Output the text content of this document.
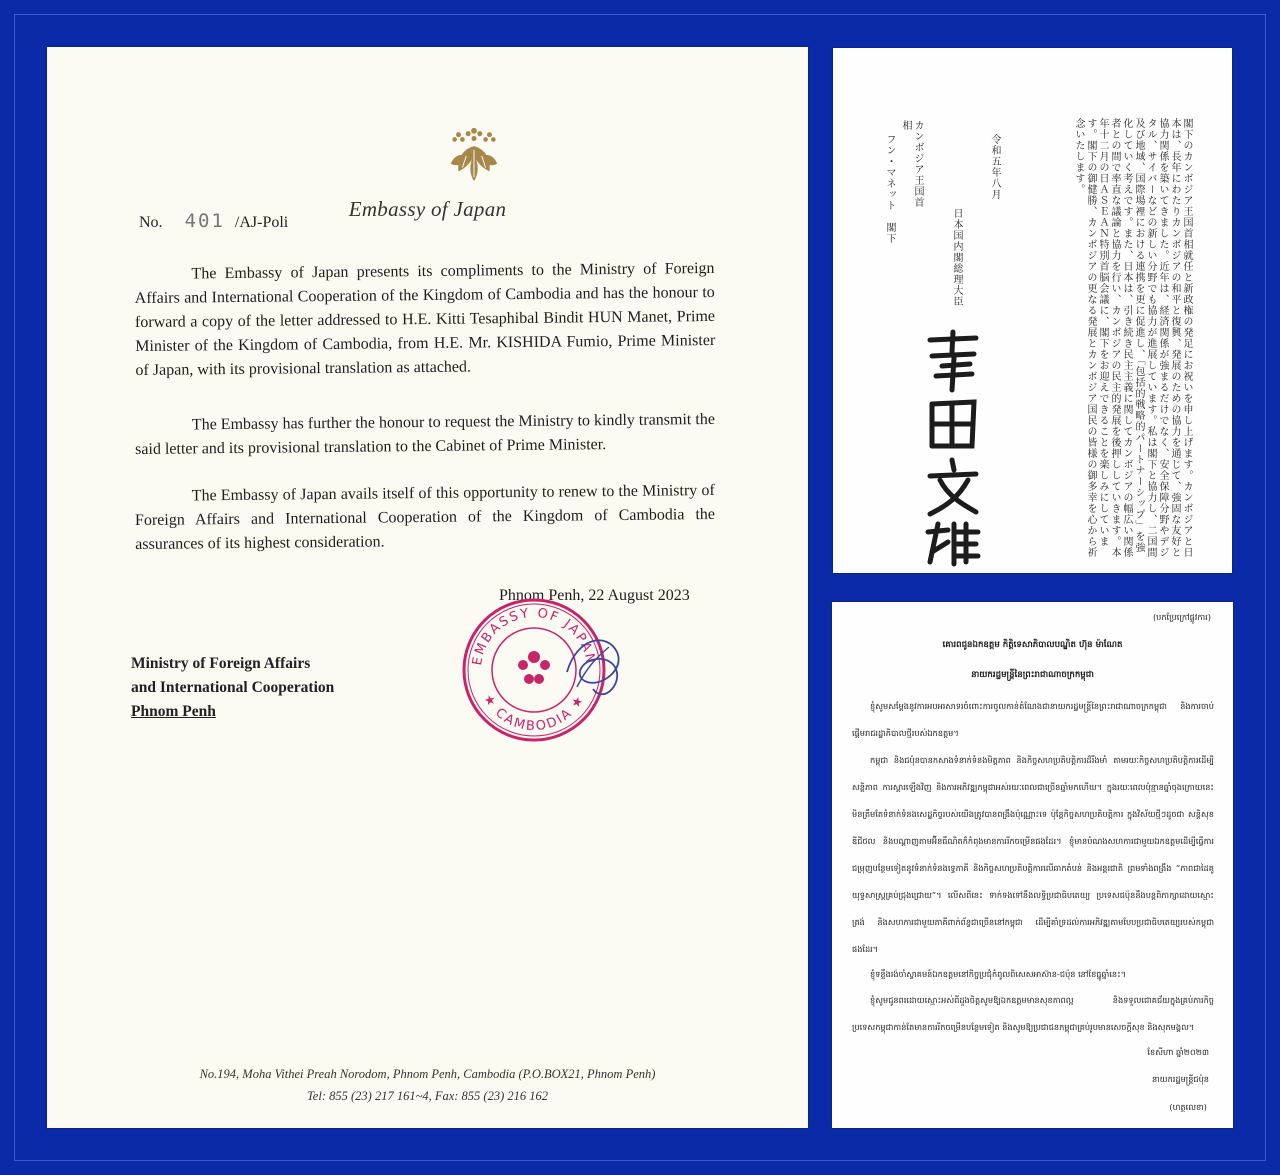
Embassy of Japan
No. 401 /AJ-Poli

The Embassy of Japan presents its compliments to the Ministry of Foreign Affairs and International Cooperation of the Kingdom of Cambodia and has the honour to forward a copy of the letter addressed to H.E. Kitti Tesaphibal Bindit HUN Manet, Prime Minister of the Kingdom of Cambodia, from H.E. Mr. KISHIDA Fumio, Prime Minister of Japan, with its provisional translation as attached.

The Embassy has further the honour to request the Ministry to kindly transmit the said letter and its provisional translation to the Cabinet of Prime Minister.

The Embassy of Japan avails itself of this opportunity to renew to the Ministry of Foreign Affairs and International Cooperation of the Kingdom of Cambodia the assurances of its highest consideration.

Phnom Penh, 22 August 2023
EMBASSY OF JAPAN
★ CAMBODIA ★
Ministry of Foreign Affairs
and International Cooperation
Phnom Penh
No.194, Moha Vithei Preah Norodom, Phnom Penh, Cambodia (P.O.BOX21, Phnom Penh)
Tel: 855 (23) 217 161~4, Fax: 855 (23) 216 162
閣下のカンボジア王国首相就任と新政権の発足にお祝いを申し上げます。カンボジアと日本は、長年にわたりカンボジアの和平と復興、発展のための協力を通じて、強固な友好と協力関係を築いてきました。近年は、経済関係が強まるだけでなく、安全保障分野やデジタル、サイバーなどの新しい分野でも協力が進展しています。私は閣下と協力し、二国間及び地域、国際場裡における連携を更に促進し、「包括的戦略的パートナーシップ」を強化していく考えです。また、日本は、引き続き民主主義に関してカンボジアの幅広い関係者との間で率直な議論と協力を行い、カンボジアの民主的発展を後押ししていきます。本年十二月の日ＡＳＥＡＮ特別首脳会議に、閣下をお迎えできることを楽しみにしています。閣下の御健勝、カンボジアの更なる発展とカンボジア国民の皆様の御多幸を心から祈念いたします。
令和五年八月
日本国内閣総理大臣
カンボジア王国首相
フン・マネット　閣下
(បកប្រែក្រៅផ្លូវការ)
គោរពជូនឯកឧត្តម កិត្តិទេសាភិបាលបណ្ឌិត ហ៊ុន ម៉ាណែត
នាយករដ្ឋមន្ត្រីនៃព្រះរាជាណាចក្រកម្ពុជា
ខ្ញុំសូមសម្តែងនូវការអបអរសាទរចំពោះការចូលកាន់តំណែងជានាយករដ្ឋមន្ត្រីនៃព្រះរាជាណាចក្រកម្ពុជា និងការចាប់ផ្តើមរាជរដ្ឋាភិបាលថ្មីរបស់ឯកឧត្តម។
កម្ពុជា និងជប៉ុនបានកសាងទំនាក់ទំនងមិត្តភាព និងកិច្ចសហប្រតិបត្តិការដ៏រឹងមាំ តាមរយៈកិច្ចសហប្រតិបត្តិការដើម្បីសន្តិភាព ការស្តារឡើងវិញ និងការអភិវឌ្ឍកម្ពុជាអស់រយៈពេលជាច្រើនឆ្នាំមកហើយ។ ក្នុងរយៈពេលប៉ុន្មានឆ្នាំចុងក្រោយនេះ មិនត្រឹមតែទំនាក់ទំនងសេដ្ឋកិច្ចរបស់យើងត្រូវបានពង្រឹងប៉ុណ្ណោះទេ ប៉ុន្តែកិច្ចសហប្រតិបត្តិការ ក្នុងវិស័យថ្មីៗដូចជា សន្តិសុខ ឌីជីថល និងបណ្តាញតាមអ៊ីនធឺណិតក៏កំពុងមានការរីកចម្រើនផងដែរ។ ខ្ញុំមានបំណងសហការជាមួយឯកឧត្តមដើម្បីធ្វើការជម្រុញបន្ថែមទៀតនូវទំនាក់ទំនងទ្វេភាគី និងកិច្ចសហប្រតិបត្តិការលើឆាកតំបន់ និងអន្តរជាតិ ព្រមទាំងពង្រឹង “ភាពជាដៃគូយុទ្ធសាស្ត្រគ្រប់ជ្រុងជ្រោយ”។ លើសពីនេះ ទាក់ទងទៅនឹងលទ្ធិប្រជាធិបតេយ្យ ប្រទេសជប៉ុននឹងបន្តពិភាក្សាដោយស្មោះត្រង់ និងសហការជាមួយភាគីពាក់ព័ន្ធជាច្រើននៅកម្ពុជា ដើម្បីគាំទ្រដល់ការអភិវឌ្ឍតាមបែបប្រជាធិបតេយ្យរបស់កម្ពុជាផងដែរ។
ខ្ញុំទន្ទឹងរង់ចាំស្វាគមន៍ឯកឧត្តមនៅកិច្ចប្រជុំកំពូលពិសេសអាស៊ាន-ជប៉ុន នៅខែធ្នូឆ្នាំនេះ។
ខ្ញុំសូមជូនពរដោយស្មោះអស់ពីដួងចិត្តសូមឱ្យឯកឧត្តមមានសុខភាពល្អ និងទទួលជោគជ័យក្នុងគ្រប់ភារកិច្ច ប្រទេសកម្ពុជាកាន់តែមានការរីកចម្រើនបន្ថែមទៀត និងសូមឱ្យប្រជាជនកម្ពុជាគ្រប់រូបមានសេចក្តីសុខ និងសុភមង្គល។
ខែសីហា ឆ្នាំ២០២៣
នាយករដ្ឋមន្ត្រីជប៉ុន
(ហត្ថលេខា)
